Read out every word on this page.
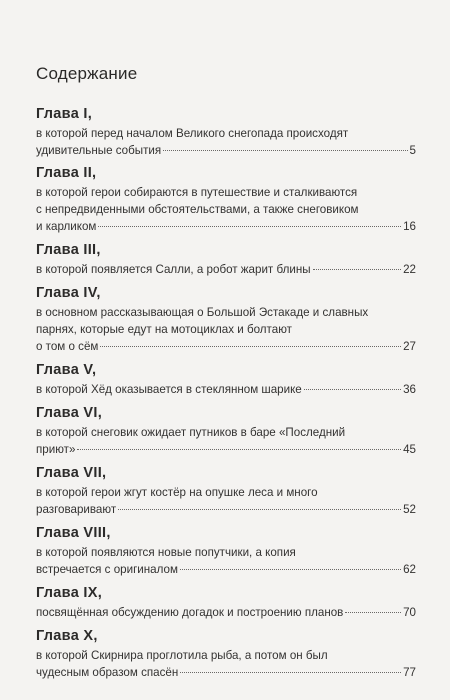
Содержание
Глава I,
в которой перед началом Великого снегопада происходят
удивительные события	5
Глава II,
в которой герои собираются в путешествие и сталкиваются
с непредвиденными обстоятельствами, а также снеговиком
и карликом	16
Глава III,
в которой появляется Салли, а робот жарит блины	22
Глава IV,
в основном рассказывающая о Большой Эстакаде и славных
парнях, которые едут на мотоциклах и болтают
о том о сём	27
Глава V,
в которой Хёд оказывается в стеклянном шарике	36
Глава VI,
в которой снеговик ожидает путников в баре «Последний
приют»	45
Глава VII,
в которой герои жгут костёр на опушке леса и много
разговаривают	52
Глава VIII,
в которой появляются новые попутчики, а копия
встречается с оригиналом	62
Глава IX,
посвящённая обсуждению догадок и построению планов	70
Глава X,
в которой Скирнира проглотила рыба, а потом он был
чудесным образом спасён	77
